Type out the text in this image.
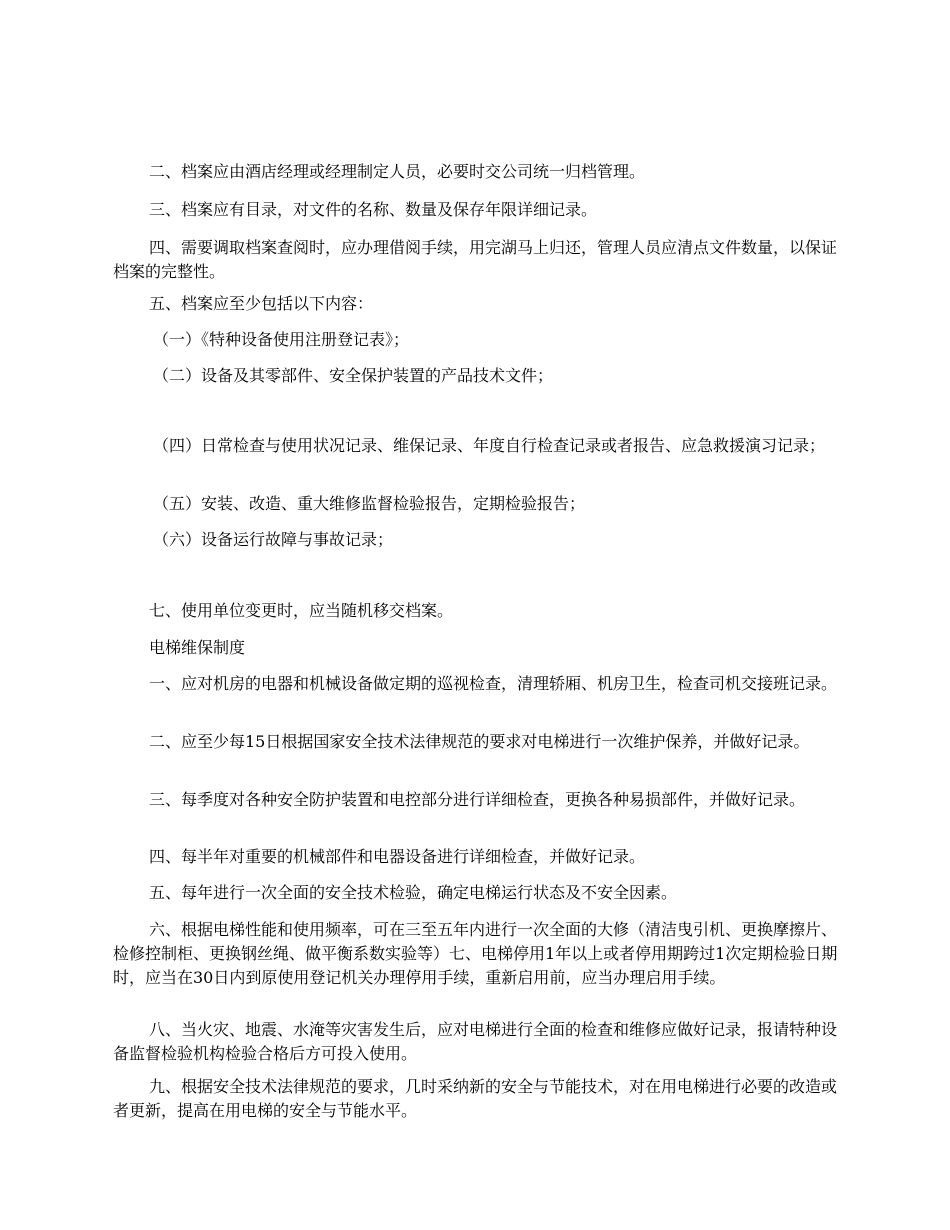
二、档案应由酒店经理或经理制定人员，必要时交公司统一归档管理。

三、档案应有目录，对文件的名称、数量及保存年限详细记录。

四、需要调取档案查阅时，应办理借阅手续，用完湖马上归还，管理人员应清点文件数量，以保证档案的完整性。

五、档案应至少包括以下内容：

（一）《特种设备使用注册登记表》；

（二）设备及其零部件、安全保护装置的产品技术文件；

（四）日常检查与使用状况记录、维保记录、年度自行检查记录或者报告、应急救援演习记录；

（五）安装、改造、重大维修监督检验报告，定期检验报告；

（六）设备运行故障与事故记录；

七、使用单位变更时，应当随机移交档案。

电梯维保制度

一、应对机房的电器和机械设备做定期的巡视检查，清理轿厢、机房卫生，检查司机交接班记录。

二、应至少每15日根据国家安全技术法律规范的要求对电梯进行一次维护保养，并做好记录。

三、每季度对各种安全防护装置和电控部分进行详细检查，更换各种易损部件，并做好记录。

四、每半年对重要的机械部件和电器设备进行详细检查，并做好记录。

五、每年进行一次全面的安全技术检验，确定电梯运行状态及不安全因素。

六、根据电梯性能和使用频率，可在三至五年内进行一次全面的大修（清洁曳引机、更换摩擦片、检修控制柜、更换钢丝绳、做平衡系数实验等）七、电梯停用1年以上或者停用期跨过1次定期检验日期时，应当在30日内到原使用登记机关办理停用手续，重新启用前，应当办理启用手续。

八、当火灾、地震、水淹等灾害发生后，应对电梯进行全面的检查和维修应做好记录，报请特种设备监督检验机构检验合格后方可投入使用。

九、根据安全技术法律规范的要求，几时采纳新的安全与节能技术，对在用电梯进行必要的改造或者更新，提高在用电梯的安全与节能水平。
